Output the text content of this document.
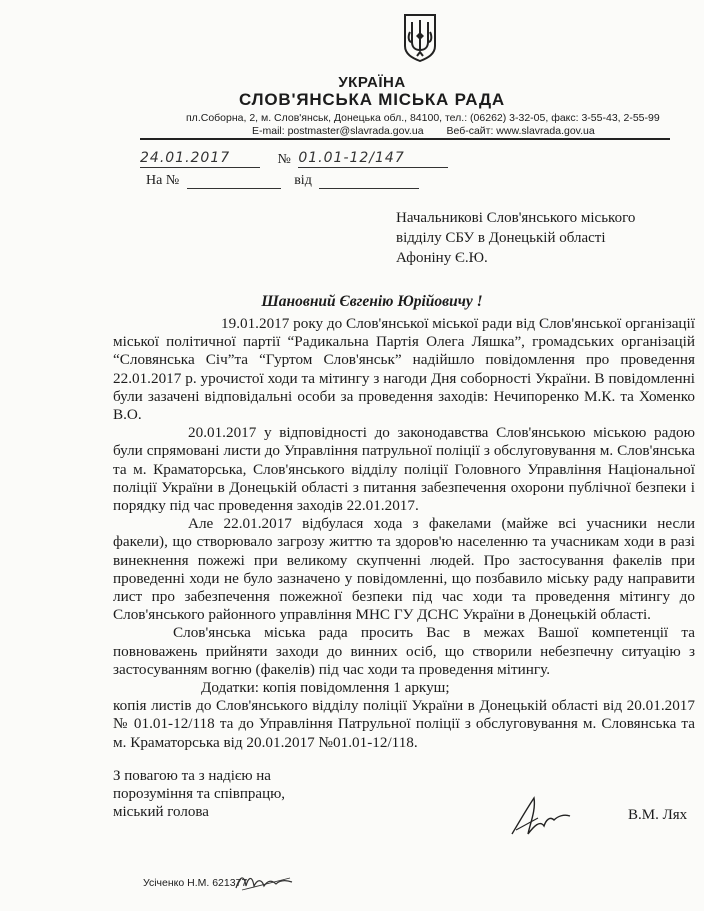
УКРАЇНА
СЛОВ'ЯНСЬКА МІСЬКА РАДА
пл.Соборна, 2, м. Слов'янськ, Донецька обл., 84100, тел.: (06262) 3-32-05, факс: 3-55-43, 2-55-99
E-mail: postmaster@slavrada.gov.ua Веб-сайт: www.slavrada.gov.ua
24.01.2017	№ 01.01-12/147
На №	від
Начальникові Слов'янського міського
відділу СБУ в Донецькій області
Афоніну Є.Ю.
Шановний Євгенію Юрійовичу !

19.01.2017 року до Слов'янської міської ради від Слов'янської організації міської політичної партії “Радикальна Партія Олега Ляшка”, громадських організацій “Словянська Січ”та “Гуртом Слов'янськ” надійшло повідомлення про проведення 22.01.2017 р. урочистої ходи та мітингу з нагоди Дня соборності України. В повідомленні були зазачені відповідальні особи за проведення заходів: Нечипоренко М.К. та Хоменко В.О.

20.01.2017 у відповідності до законодавства Слов'янською міською радою були спрямовані листи до Управління патрульної поліції з обслуговування м. Слов'янська та м. Краматорська, Слов'янського відділу поліції Головного Управління Національної поліції України в Донецькій області з питання забезпечення охорони публічної безпеки і порядку під час проведення заходів 22.01.2017.

Але 22.01.2017 відбулася хода з факелами (майже всі учасники несли факели), що створювало загрозу життю та здоров'ю населенню та учасникам ходи в разі винекнення пожежі при великому скупченні людей. Про застосування факелів при проведенні ходи не було зазначено у повідомленні, що позбавило міську раду направити лист про забезпечення пожежної безпеки під час ходи та проведення мітингу до Слов'янського районного управління МНС ГУ ДСНС України в Донецькій області.

Слов'янська міська рада просить Вас в межах Вашої компетенції та повноважень прийняти заходи до винних осіб, що створили небезпечну ситуацію з застосуванням вогню (факелів) під час ходи та проведення мітингу.

Додатки: копія повідомлення 1 аркуш;

копія листів до Слов'янського відділу поліції України в Донецькій області від 20.01.2017 № 01.01-12/118 та до Управління Патрульної поліції з обслуговування м. Словянська та м. Краматорська від 20.01.2017 №01.01-12/118.

З повагою та з надією на
порозуміння та співпрацю,
міський голова	В.М. Лях
Усіченко Н.М. 621377
